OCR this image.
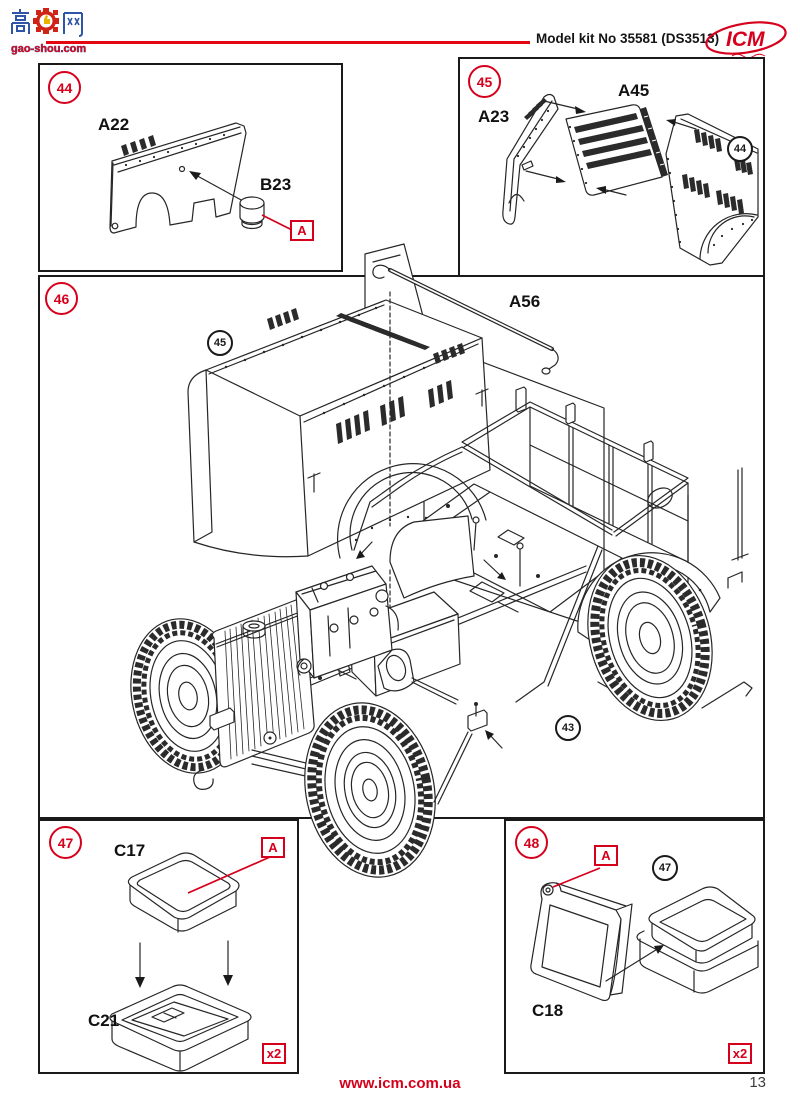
gao-shou.com
Model kit No 35581 (DS3513) ICM
44
A22
B23
A
45
A23
A45
44
46
45
43
A56
47	C17	A
C21
x2
48
A
47
C18
x2
www.icm.com.ua	13
